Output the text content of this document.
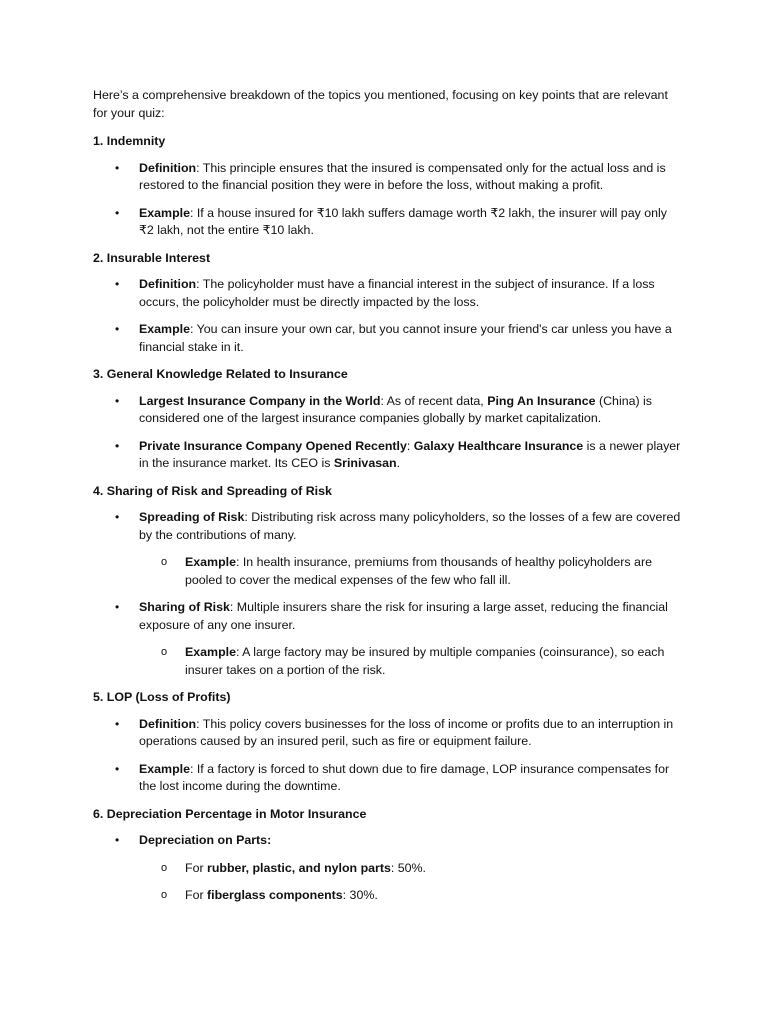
Here’s a comprehensive breakdown of the topics you mentioned, focusing on key points that are relevant for your quiz:

1. Indemnity
• Definition: This principle ensures that the insured is compensated only for the actual loss and is restored to the financial position they were in before the loss, without making a profit.
• Example: If a house insured for ₹10 lakh suffers damage worth ₹2 lakh, the insurer will pay only ₹2 lakh, not the entire ₹10 lakh.
2. Insurable Interest
• Definition: The policyholder must have a financial interest in the subject of insurance. If a loss occurs, the policyholder must be directly impacted by the loss.
• Example: You can insure your own car, but you cannot insure your friend's car unless you have a financial stake in it.
3. General Knowledge Related to Insurance
• Largest Insurance Company in the World: As of recent data, Ping An Insurance (China) is considered one of the largest insurance companies globally by market capitalization.
• Private Insurance Company Opened Recently: Galaxy Healthcare Insurance is a newer player in the insurance market. Its CEO is Srinivasan.
4. Sharing of Risk and Spreading of Risk
• Spreading of Risk: Distributing risk across many policyholders, so the losses of a few are covered by the contributions of many.
o Example: In health insurance, premiums from thousands of healthy policyholders are pooled to cover the medical expenses of the few who fall ill.
• Sharing of Risk: Multiple insurers share the risk for insuring a large asset, reducing the financial exposure of any one insurer.
o Example: A large factory may be insured by multiple companies (coinsurance), so each insurer takes on a portion of the risk.
5. LOP (Loss of Profits)
• Definition: This policy covers businesses for the loss of income or profits due to an interruption in operations caused by an insured peril, such as fire or equipment failure.
• Example: If a factory is forced to shut down due to fire damage, LOP insurance compensates for the lost income during the downtime.
6. Depreciation Percentage in Motor Insurance
• Depreciation on Parts:
o For rubber, plastic, and nylon parts: 50%.
o For fiberglass components: 30%.
